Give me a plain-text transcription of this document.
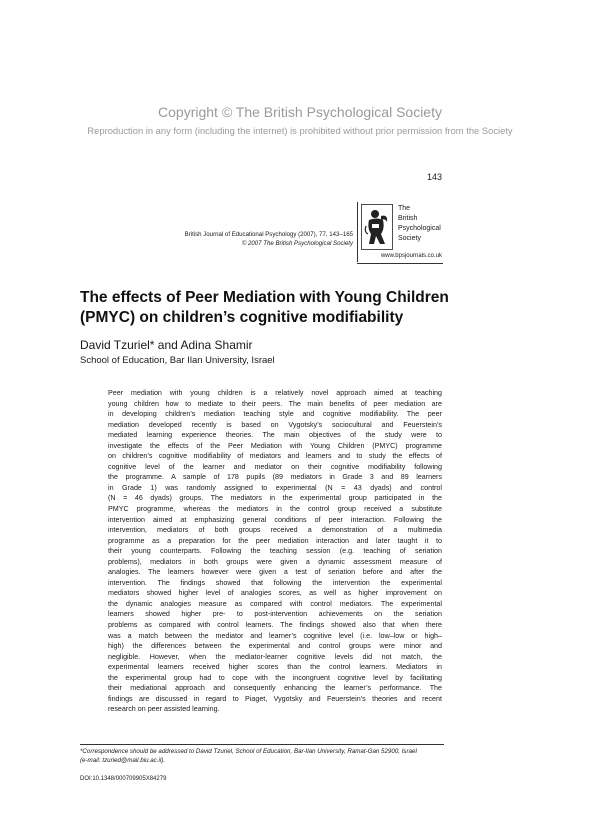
Copyright © The British Psychological Society
Reproduction in any form (including the internet) is prohibited without prior permission from the Society
143
British Journal of Educational Psychology (2007), 77, 143–165
© 2007 The British Psychological Society
The
British
Psychological
Society
www.bpsjournals.co.uk
The effects of Peer Mediation with Young Children
(PMYC) on children’s cognitive modifiability
David Tzuriel* and Adina Shamir
School of Education, Bar Ilan University, Israel
Peer mediation with young children is a relatively novel approach aimed at teaching
young children how to mediate to their peers. The main benefits of peer mediation are
in developing children’s mediation teaching style and cognitive modifiability. The peer
mediation developed recently is based on Vygotsky’s sociocultural and Feuerstein’s
mediated learning experience theories. The main objectives of the study were to
investigate the effects of the Peer Mediation with Young Children (PMYC) programme
on children’s cognitive modifiability of mediators and learners and to study the effects of
cognitive level of the learner and mediator on their cognitive modifiability following
the programme. A sample of 178 pupils (89 mediators in Grade 3 and 89 learners
in Grade 1) was randomly assigned to experimental (N = 43 dyads) and control
(N = 46 dyads) groups. The mediators in the experimental group participated in the
PMYC programme, whereas the mediators in the control group received a substitute
intervention aimed at emphasizing general conditions of peer interaction. Following the
intervention, mediators of both groups received a demonstration of a multimedia
programme as a preparation for the peer mediation interaction and later taught it to
their young counterparts. Following the teaching session (e.g. teaching of seriation
problems), mediators in both groups were given a dynamic assessment measure of
analogies. The learners however were given a test of seriation before and after the
intervention. The findings showed that following the intervention the experimental
mediators showed higher level of analogies scores, as well as higher improvement on
the dynamic analogies measure as compared with control mediators. The experimental
learners showed higher pre- to post-intervention achievements on the seriation
problems as compared with control learners. The findings showed also that when there
was a match between the mediator and learner’s cognitive level (i.e. low–low or high–
high) the differences between the experimental and control groups were minor and
negligible. However, when the mediator-learner cognitive levels did not match, the
experimental learners received higher scores than the control learners. Mediators in
the experimental group had to cope with the incongruent cognitive level by facilitating
their mediational approach and consequently enhancing the learner’s performance. The
findings are discussed in regard to Piaget, Vygotsky and Feuerstein’s theories and recent
research on peer assisted learning.
*Correspondence should be addressed to David Tzuriel, School of Education, Bar-Ilan University, Ramat-Gan 52900, Israel
(e-mail: tzuried@mail.biu.ac.il).
DOI:10.1348/000709905X84279
